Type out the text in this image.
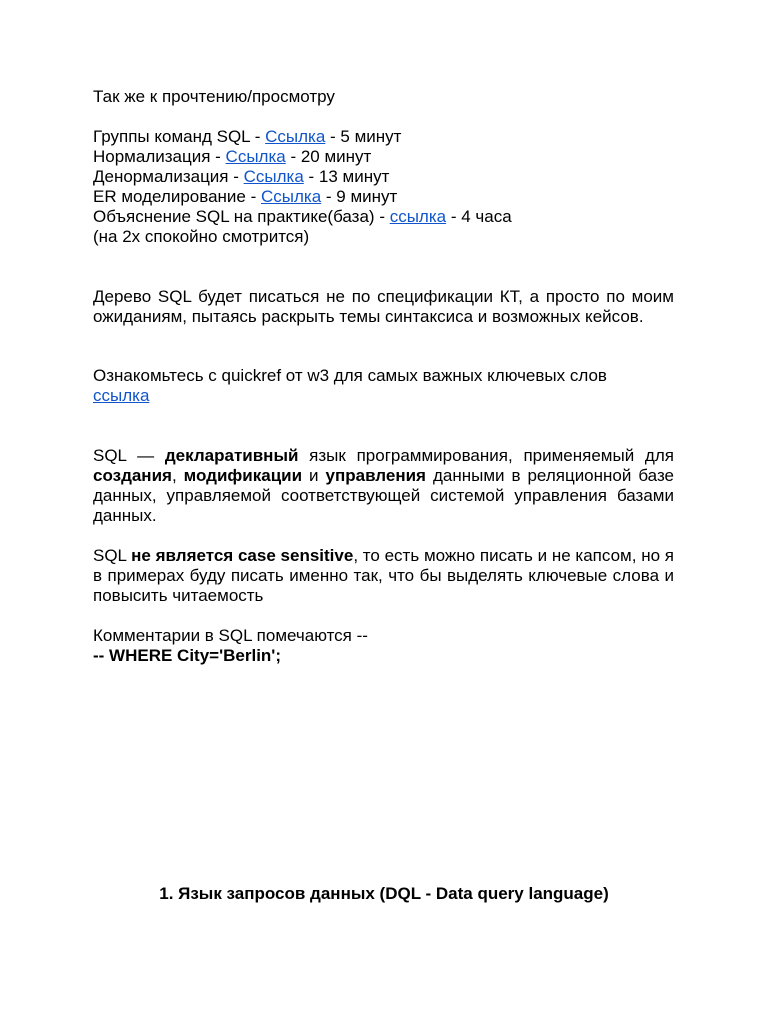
Так же к прочтению/просмотру
Группы команд SQL - Ссылка - 5 минут
Нормализация - Ссылка - 20 минут
Денормализация - Ссылка - 13 минут
ER моделирование - Ссылка - 9 минут
Объяснение SQL на практике(база) - ссылка - 4 часа
(на 2х спокойно смотрится)
Дерево SQL будет писаться не по спецификации КТ, а просто по моим ожиданиям, пытаясь раскрыть темы синтаксиса и возможных кейсов.
Ознакомьтесь с quickref от w3 для самых важных ключевых слов
ссылка
SQL — декларативный язык программирования, применяемый для создания, модификации и управления данными в реляционной базе данных, управляемой соответствующей системой управления базами данных.
SQL не является case sensitive, то есть можно писать и не капсом, но я в примерах буду писать именно так, что бы выделять ключевые слова и повысить читаемость
Комментарии в SQL помечаются --
-- WHERE City='Berlin';
1. Язык запросов данных (DQL - Data query language)
